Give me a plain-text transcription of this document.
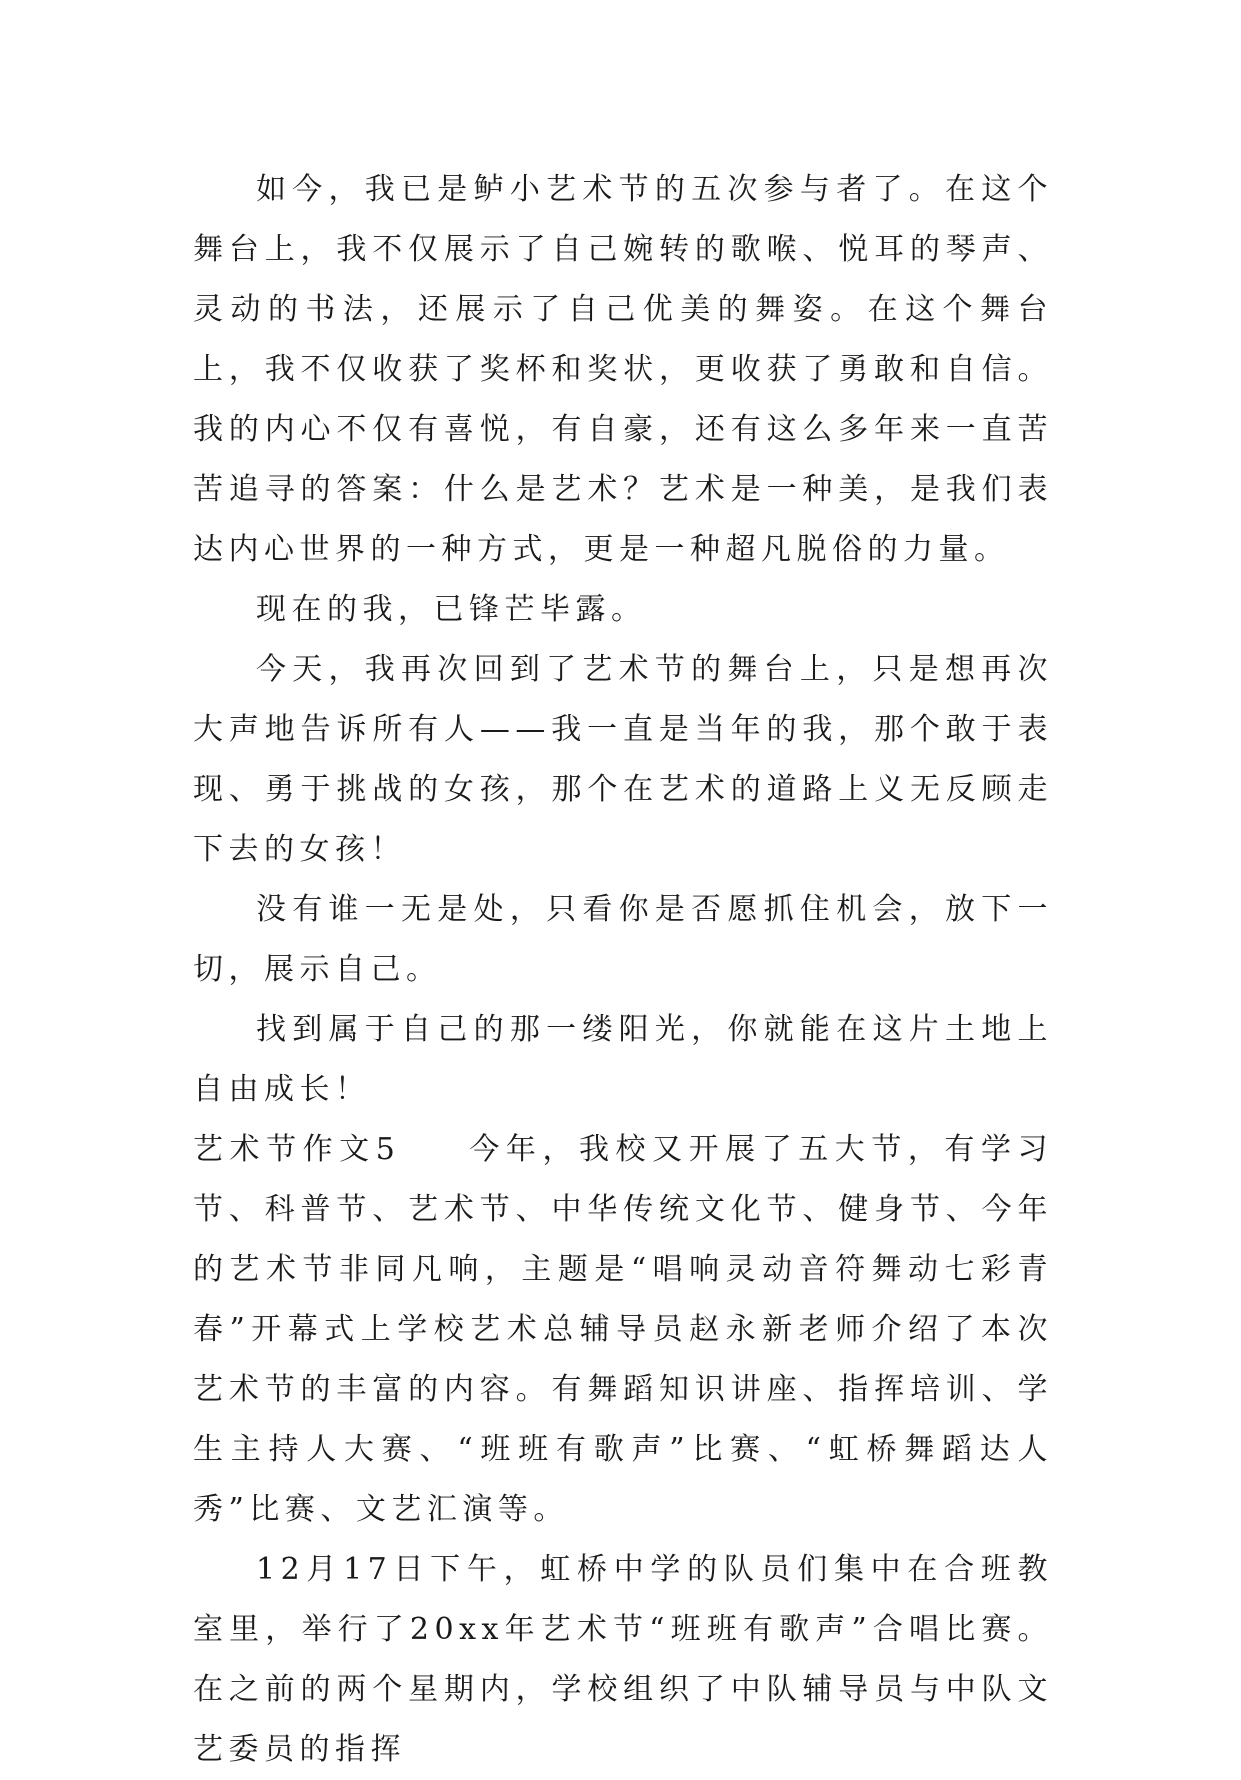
如今，我已是鲈小艺术节的五次参与者了。在这个舞台上，我不仅展示了自己婉转的歌喉、悦耳的琴声、灵动的书法，还展示了自己优美的舞姿。在这个舞台上，我不仅收获了奖杯和奖状，更收获了勇敢和自信。我的内心不仅有喜悦，有自豪，还有这么多年来一直苦苦追寻的答案：什么是艺术？艺术是一种美，是我们表达内心世界的一种方式，更是一种超凡脱俗的力量。

现在的我，已锋芒毕露。

今天，我再次回到了艺术节的舞台上，只是想再次大声地告诉所有人——我一直是当年的我，那个敢于表现、勇于挑战的女孩，那个在艺术的道路上义无反顾走下去的女孩！

没有谁一无是处，只看你是否愿抓住机会，放下一切，展示自己。

找到属于自己的那一缕阳光，你就能在这片土地上自由成长！

艺术节作文5 今年，我校又开展了五大节，有学习节、科普节、艺术节、中华传统文化节、健身节、今年的艺术节非同凡响，主题是“唱响灵动音符舞动七彩青春”开幕式上学校艺术总辅导员赵永新老师介绍了本次艺术节的丰富的内容。有舞蹈知识讲座、指挥培训、学生主持人大赛、“班班有歌声”比赛、“虹桥舞蹈达人秀”比赛、文艺汇演等。

12月17日下午，虹桥中学的队员们集中在合班教室里，举行了20xx年艺术节“班班有歌声”合唱比赛。在之前的两个星期内，学校组织了中队辅导员与中队文艺委员的指挥
